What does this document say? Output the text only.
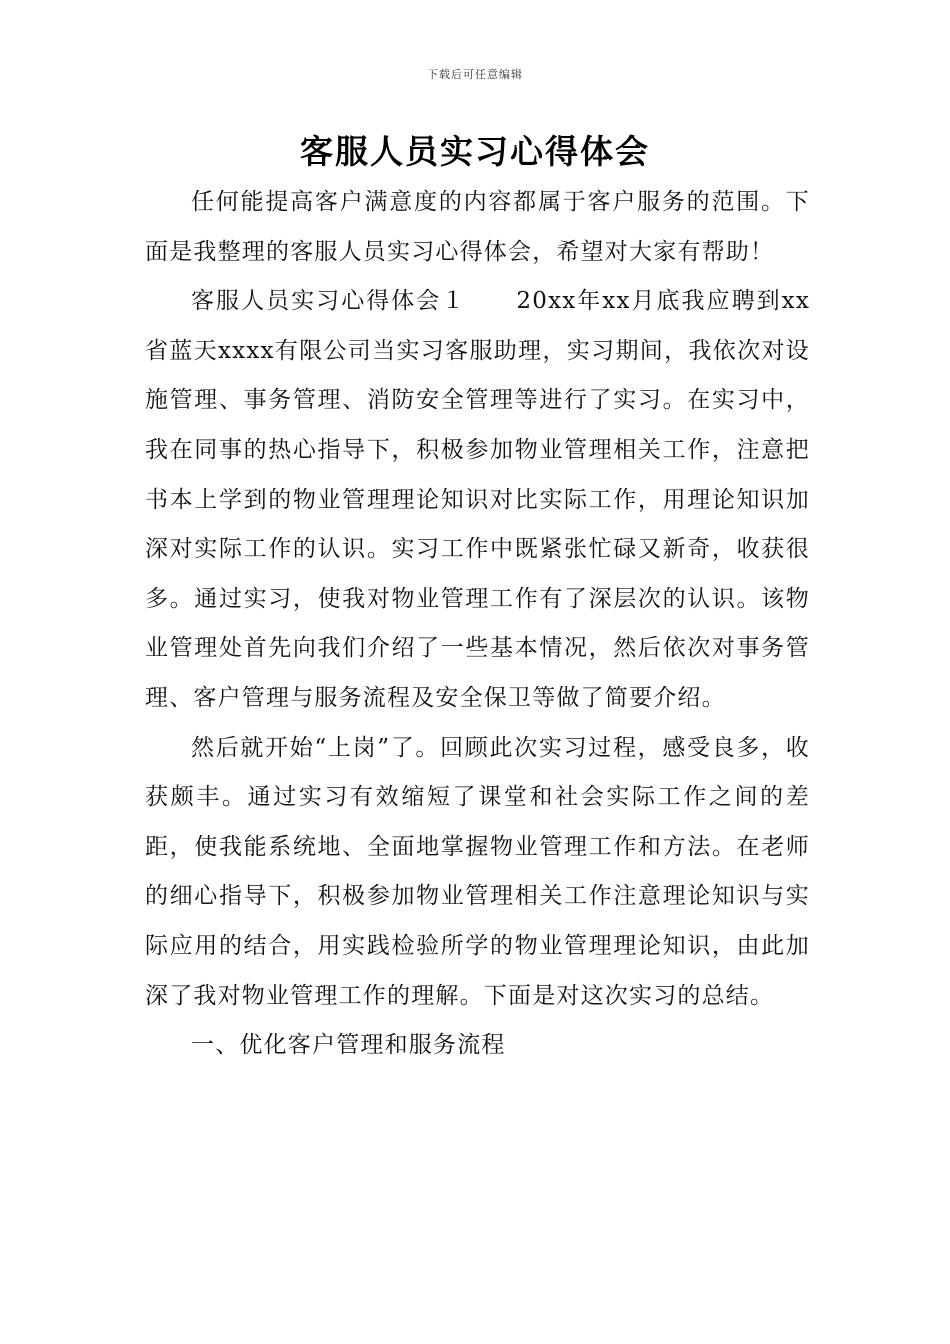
下载后可任意编辑
客服人员实习心得体会

任何能提高客户满意度的内容都属于客户服务的范围。下面是我整理的客服人员实习心得体会，希望对大家有帮助！

客服人员实习心得体会１　　20xx年xx月底我应聘到xx省蓝天xxxx有限公司当实习客服助理，实习期间，我依次对设施管理、事务管理、消防安全管理等进行了实习。在实习中，我在同事的热心指导下，积极参加物业管理相关工作，注意把书本上学到的物业管理理论知识对比实际工作，用理论知识加深对实际工作的认识。实习工作中既紧张忙碌又新奇，收获很多。通过实习，使我对物业管理工作有了深层次的认识。该物业管理处首先向我们介绍了一些基本情况，然后依次对事务管理、客户管理与服务流程及安全保卫等做了简要介绍。

然后就开始“上岗”了。回顾此次实习过程，感受良多，收获颇丰。通过实习有效缩短了课堂和社会实际工作之间的差距，使我能系统地、全面地掌握物业管理工作和方法。在老师的细心指导下，积极参加物业管理相关工作注意理论知识与实际应用的结合，用实践检验所学的物业管理理论知识，由此加深了我对物业管理工作的理解。下面是对这次实习的总结。

一、优化客户管理和服务流程
